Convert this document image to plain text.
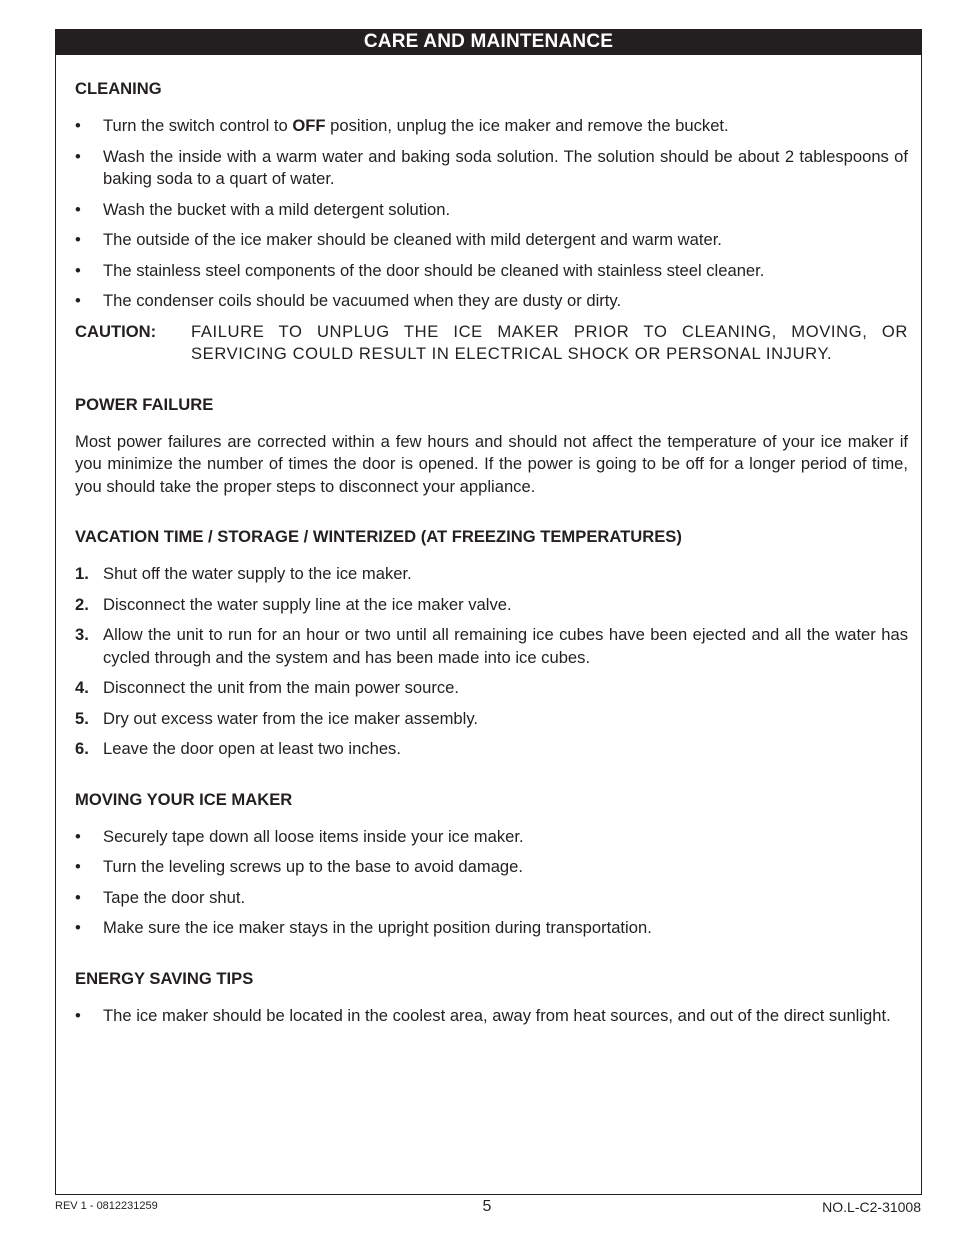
CARE AND MAINTENANCE
CLEANING
• Turn the switch control to OFF position, unplug the ice maker and remove the bucket.
• Wash the inside with a warm water and baking soda solution. The solution should be about 2 tablespoons of baking soda to a quart of water.
• Wash the bucket with a mild detergent solution.
• The outside of the ice maker should be cleaned with mild detergent and warm water.
• The stainless steel components of the door should be cleaned with stainless steel cleaner.
• The condenser coils should be vacuumed when they are dusty or dirty.
CAUTION: FAILURE TO UNPLUG THE ICE MAKER PRIOR TO CLEANING, MOVING, OR SERVICING COULD RESULT IN ELECTRICAL SHOCK OR PERSONAL INJURY.
POWER FAILURE
Most power failures are corrected within a few hours and should not affect the temperature of your ice maker if you minimize the number of times the door is opened. If the power is going to be off for a longer period of time, you should take the proper steps to disconnect your appliance.
VACATION TIME / STORAGE / WINTERIZED (AT FREEZING TEMPERATURES)
1. Shut off the water supply to the ice maker.
2. Disconnect the water supply line at the ice maker valve.
3. Allow the unit to run for an hour or two until all remaining ice cubes have been ejected and all the water has cycled through and the system and has been made into ice cubes.
4. Disconnect the unit from the main power source.
5. Dry out excess water from the ice maker assembly.
6. Leave the door open at least two inches.
MOVING YOUR ICE MAKER
• Securely tape down all loose items inside your ice maker.
• Turn the leveling screws up to the base to avoid damage.
• Tape the door shut.
• Make sure the ice maker stays in the upright position during transportation.
ENERGY SAVING TIPS
• The ice maker should be located in the coolest area, away from heat sources, and out of the direct sunlight.
REV 1 - 0812231259	5	NO.L-C2-31008
